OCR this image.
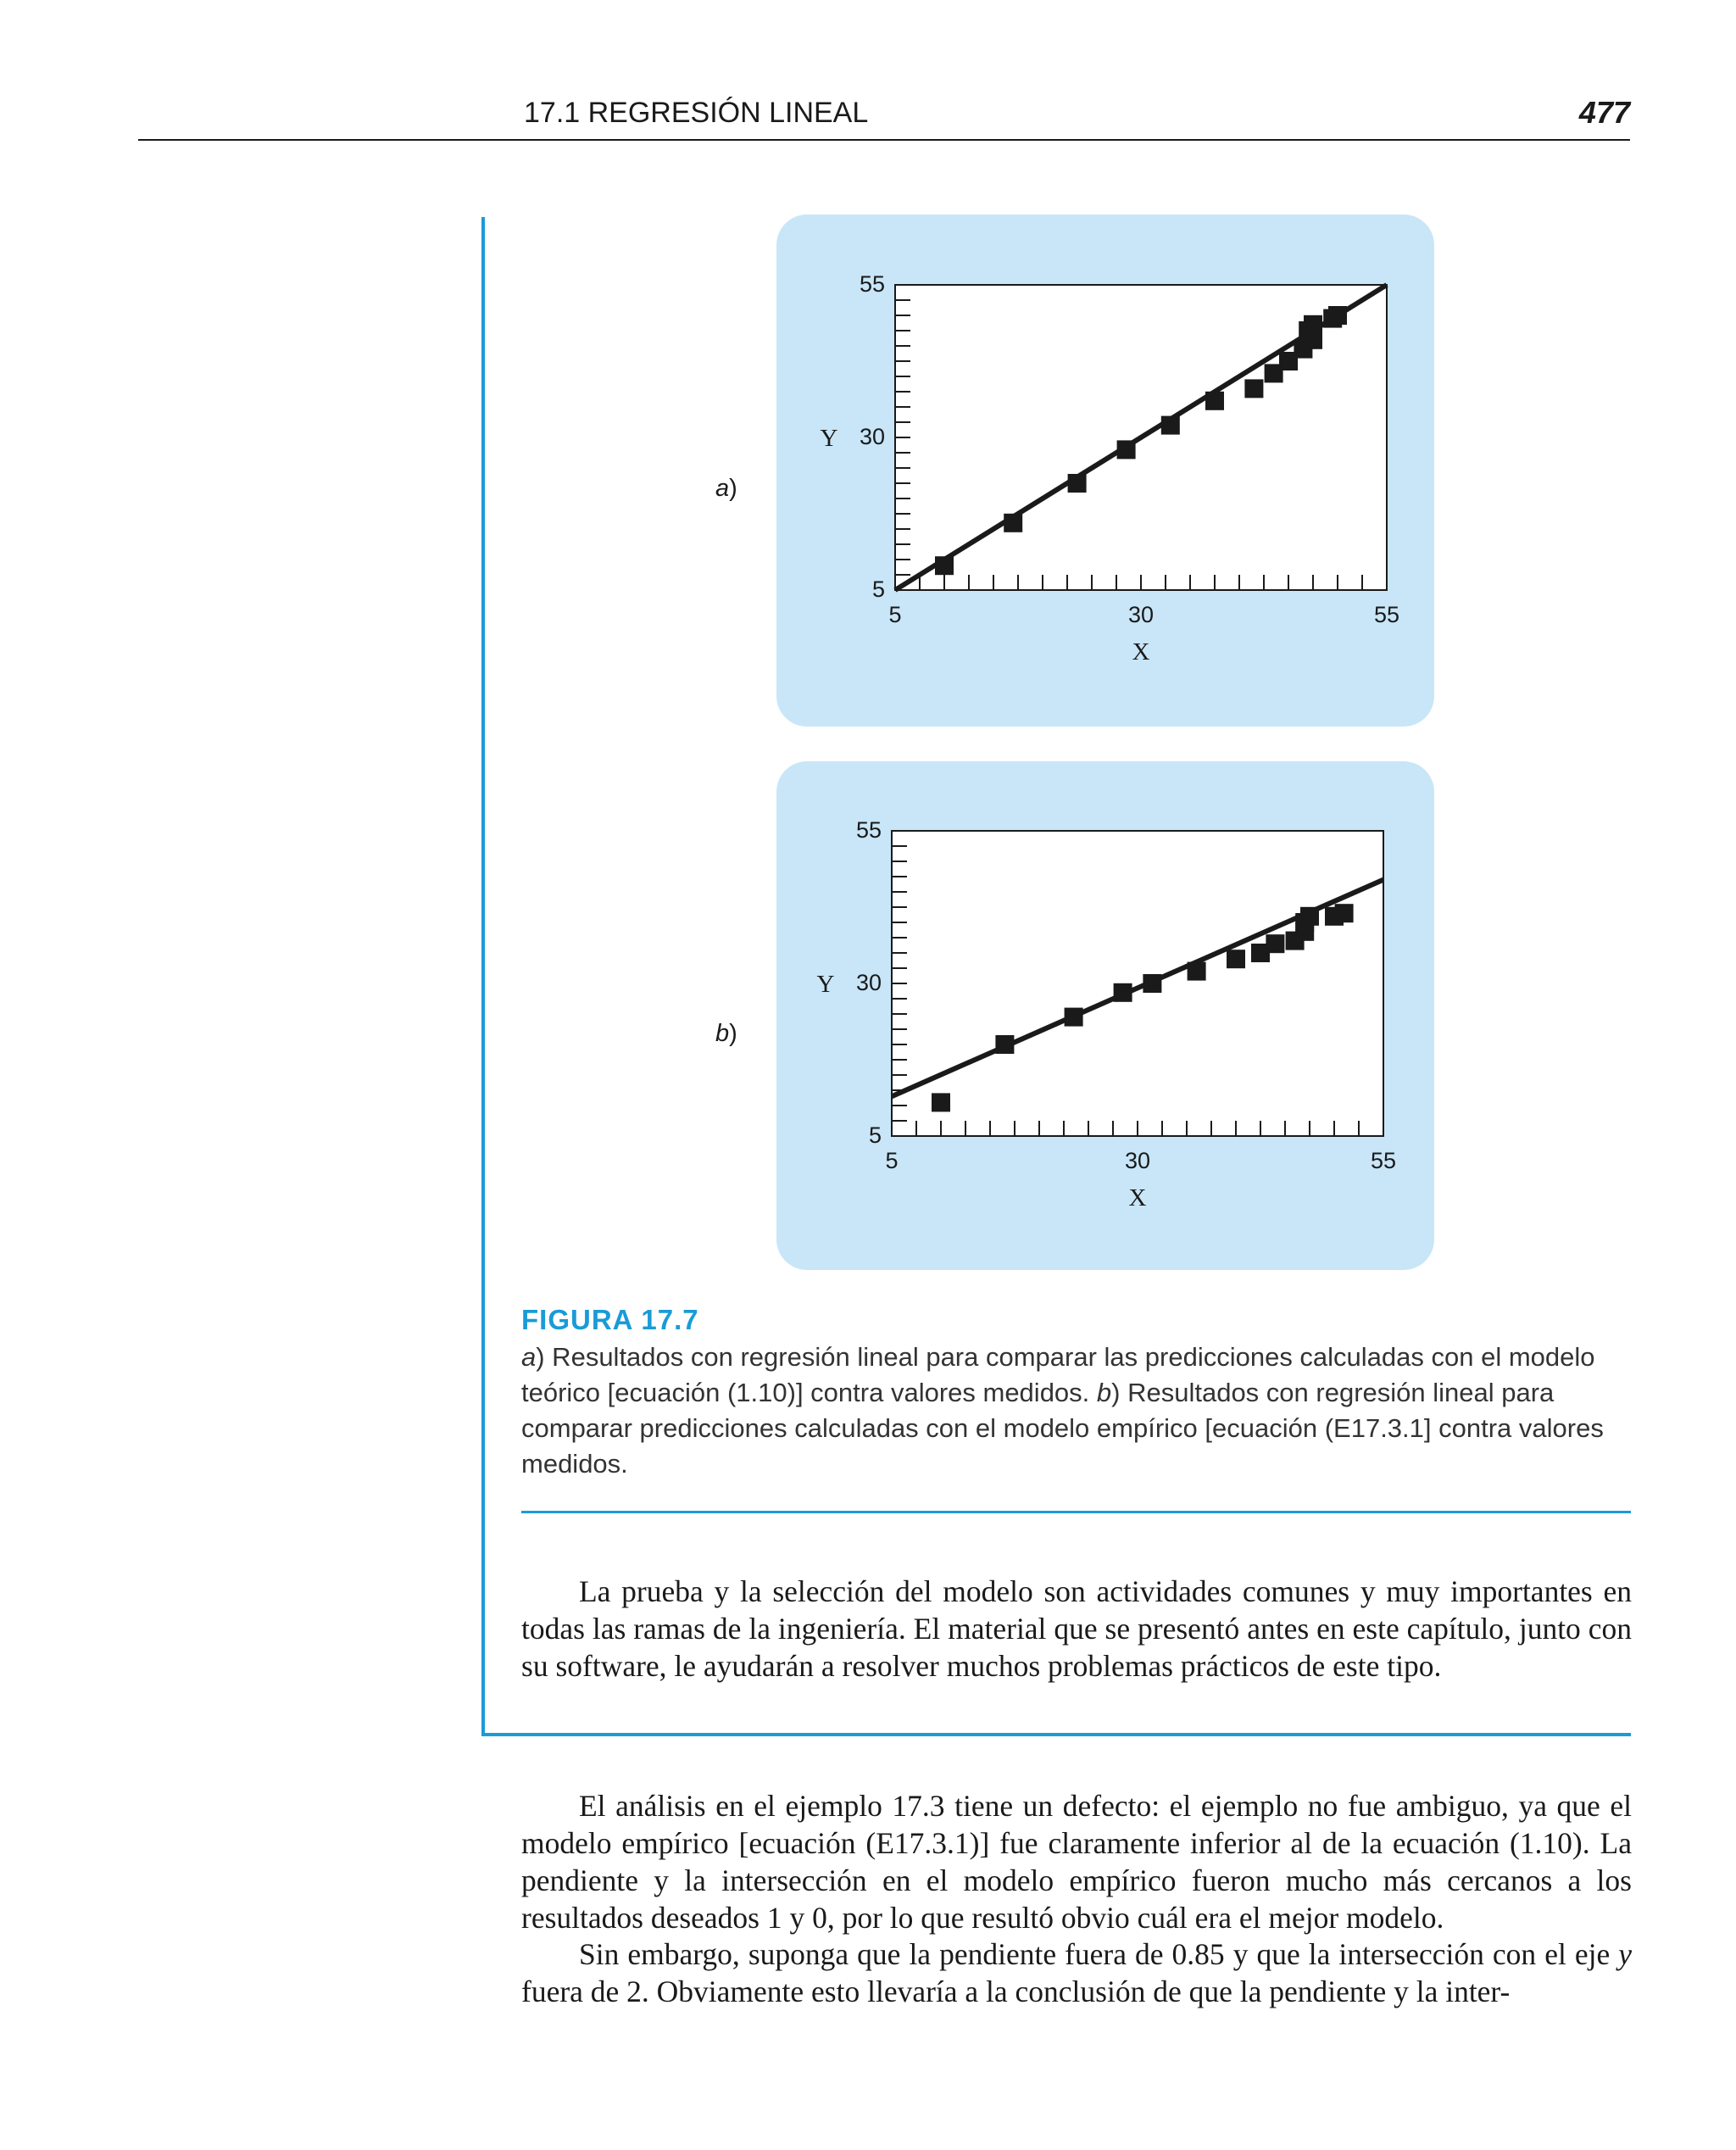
17.1 REGRESIÓN LINEAL	477
a)
b)
5	30	55
5
30
55
X
Y
5	30	55
5
30
55
X
Y
FIGURA 17.7
a) Resultados con regresión lineal para comparar las predicciones calculadas con el modelo teórico [ecuación (1.10)] contra valores medidos. b) Resultados con regresión lineal para comparar predicciones calculadas con el modelo empírico [ecuación (E17.3.1] contra valores medidos.

La prueba y la selección del modelo son actividades comunes y muy importantes en todas las ramas de la ingeniería. El material que se presentó antes en este capítulo, junto con su software, le ayudarán a resolver muchos problemas prácticos de este tipo.

El análisis en el ejemplo 17.3 tiene un defecto: el ejemplo no fue ambiguo, ya que el modelo empírico [ecuación (E17.3.1)] fue claramente inferior al de la ecuación (1.10). La pendiente y la intersección en el modelo empírico fueron mucho más cercanos a los resultados deseados 1 y 0, por lo que resultó obvio cuál era el mejor modelo.

Sin embargo, suponga que la pendiente fuera de 0.85 y que la intersección con el eje y fuera de 2. Obviamente esto llevaría a la conclusión de que la pendiente y la inter-
